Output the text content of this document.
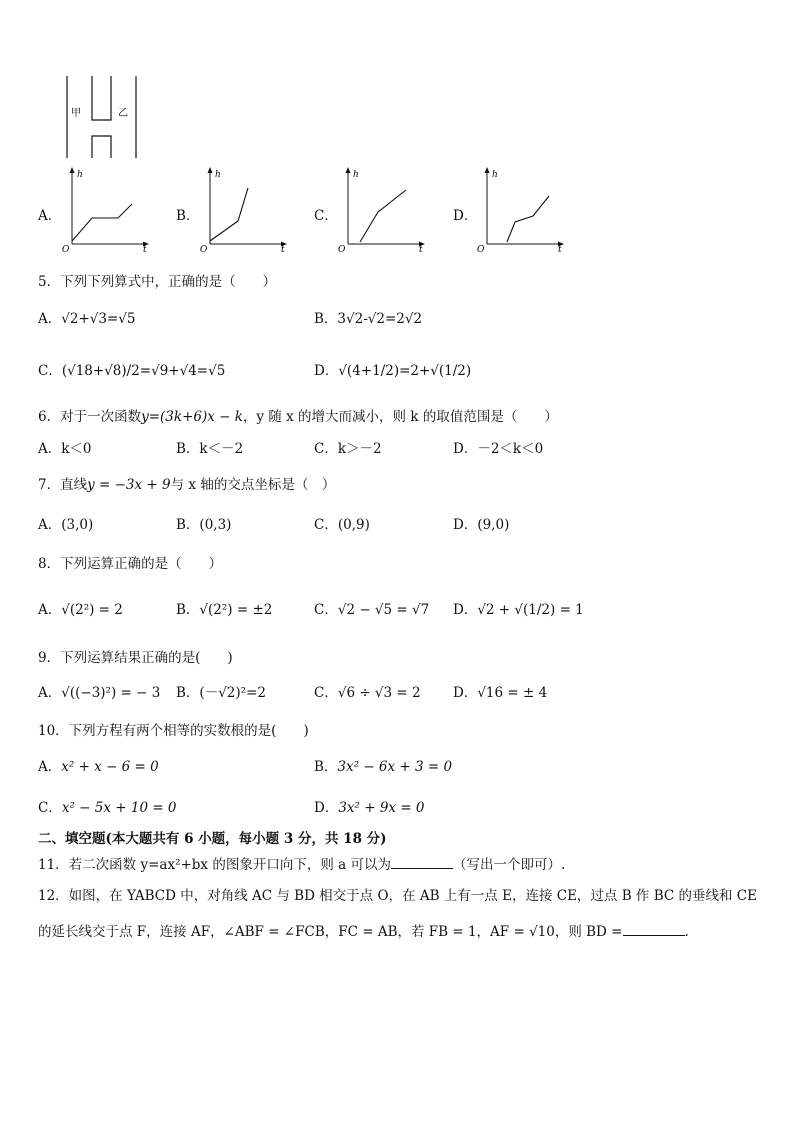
甲	乙
A．
h
t
O
B．
h
t
O
C．
h
t
O
D．
h
t
O
5．下列下列算式中，正确的是（　　）
A．√2+√3=√5	B．3√2-√2=2√2
C．(√18+√8)/2=√9+√4=√5	D．√(4+1/2)=2+√(1/2)
6．对于一次函数y=(3k+6)x − k，y 随 x 的增大而减小，则 k 的取值范围是（　　）
A．k＜0	B．k＜－2	C．k＞－2	D．－2＜k＜0
7．直线y = −3x + 9与 x 轴的交点坐标是（　）
A．(3,0)	B．(0,3)	C．(0,9)	D．(9,0)
8．下列运算正确的是（　　）
A．√(2²) = 2	B．√(2²) = ±2	C．√2 − √5 = √7 D．√2 + √(1/2) = 1
9．下列运算结果正确的是(　　)
A．√((−3)²) = − 3 B．(－√2)²=2	C．√6 ÷ √3 = 2 D．√16 = ± 4
10．下列方程有两个相等的实数根的是(　　)
A．x² + x − 6 = 0	B．3x² − 6x + 3 = 0
C．x² − 5x + 10 = 0	D．3x² + 9x = 0
二、填空题(本大题共有 6 小题，每小题 3 分，共 18 分)
11．若二次函数 y=ax²+bx 的图象开口向下，则 a 可以为	（写出一个即可）.
12．如图，在 YABCD 中，对角线 AC 与 BD 相交于点 O，在 AB 上有一点 E，连接 CE，过点 B 作 BC 的垂线和 CE
的延长线交于点 F，连接 AF，∠ABF = ∠FCB，FC = AB，若 FB = 1，AF = √10，则 BD =	.
